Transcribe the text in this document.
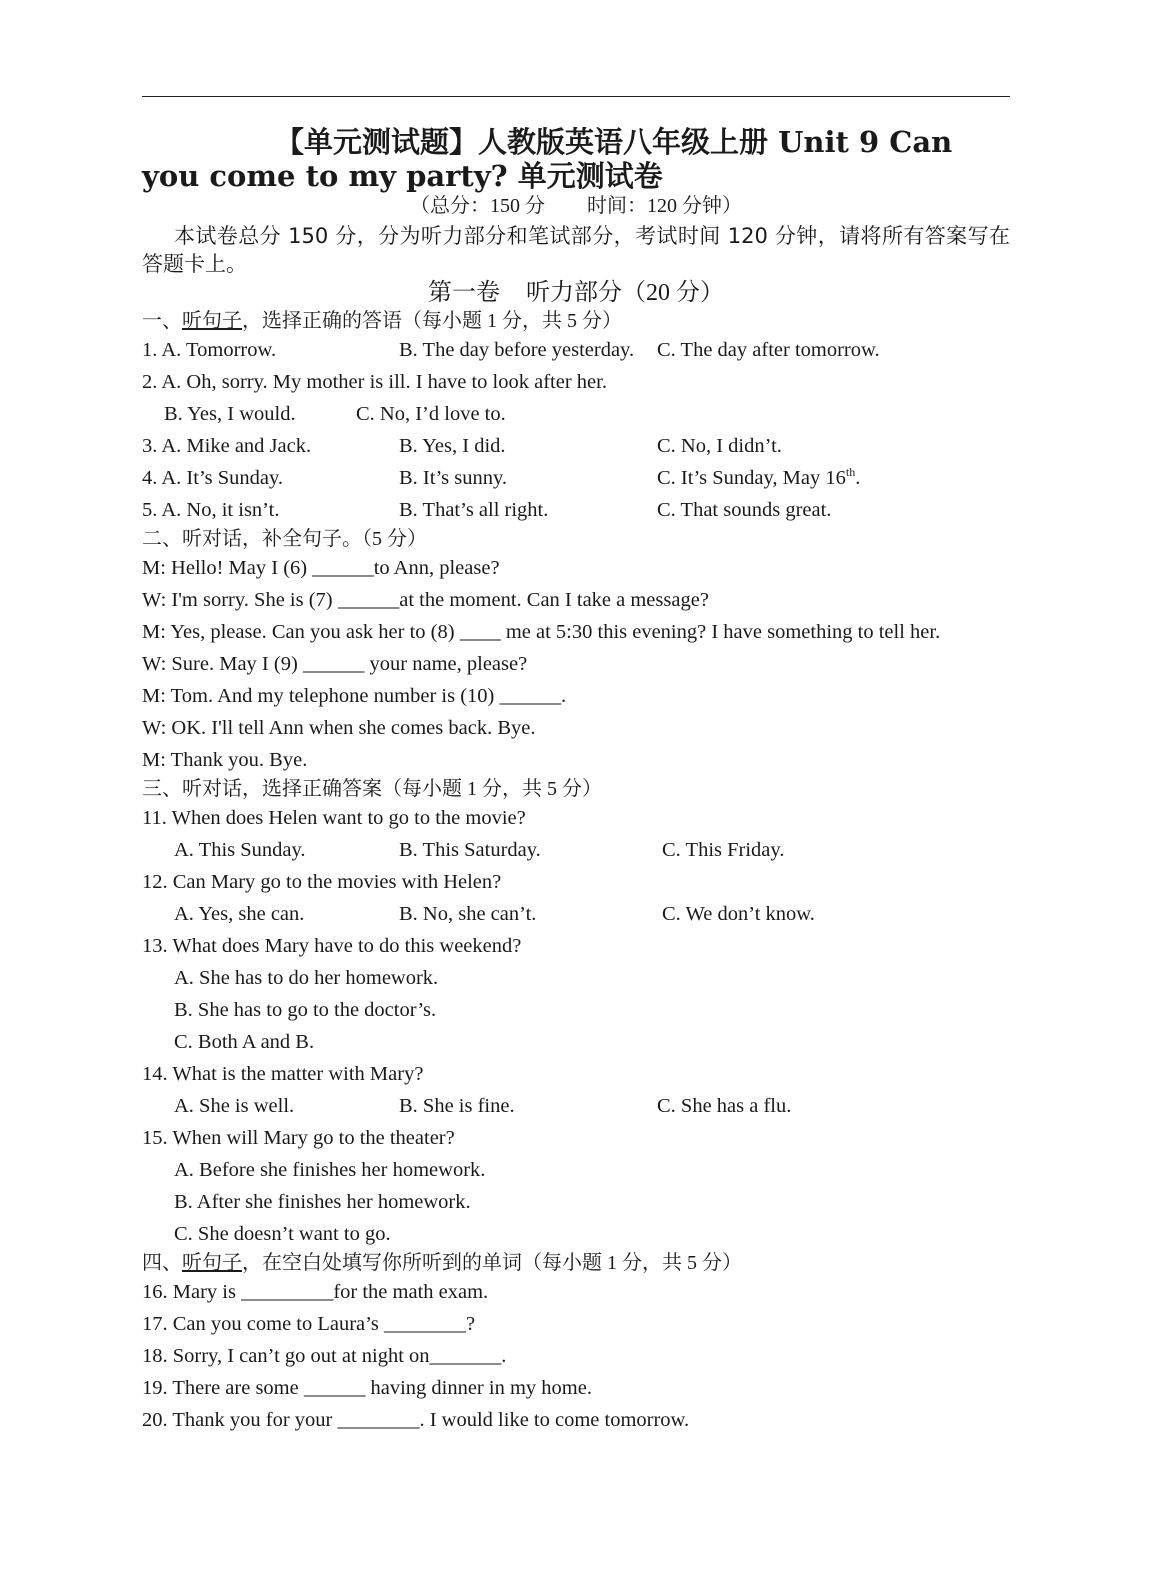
【单元测试题】人教版英语八年级上册 Unit 9 Can you come to my party? 单元测试卷

（总分：150 分 时间：120 分钟）

本试卷总分 150 分，分为听力部分和笔试部分，考试时间 120 分钟，请将所有答案写在答题卡上。

第一卷 听力部分（20 分）

一、听句子，选择正确的答语（每小题 1 分，共 5 分）

1. A. Tomorrow.	B. The day before yesterday. C. The day after tomorrow.
2. A. Oh, sorry. My mother is ill. I have to look after her.
B. Yes, I would.	C. No, I’d love to.
3. A. Mike and Jack.	B. Yes, I did.	C. No, I didn’t.
4. A. It’s Sunday.	B. It’s sunny.	C. It’s Sunday, May 16th.
5. A. No, it isn’t.	B. That’s all right.	C. That sounds great.

二、听对话，补全句子。（5 分）

M: Hello! May I (6) ______to Ann, please?
W: I'm sorry. She is (7) ______at the moment. Can I take a message?
M: Yes, please. Can you ask her to (8) ____ me at 5:30 this evening? I have something to tell her.
W: Sure. May I (9) ______ your name, please?
M: Tom. And my telephone number is (10) ______.
W: OK. I'll tell Ann when she comes back. Bye.
M: Thank you. Bye.

三、听对话，选择正确答案（每小题 1 分，共 5 分）

11. When does Helen want to go to the movie?
A. This Sunday.	B. This Saturday.	C. This Friday.
12. Can Mary go to the movies with Helen?
A. Yes, she can.	B. No, she can’t.	C. We don’t know.
13. What does Mary have to do this weekend?
A. She has to do her homework.
B. She has to go to the doctor’s.
C. Both A and B.
14. What is the matter with Mary?
A. She is well.	B. She is fine.	C. She has a flu.
15. When will Mary go to the theater?
A. Before she finishes her homework.
B. After she finishes her homework.
C. She doesn’t want to go.

四、听句子，在空白处填写你所听到的单词（每小题 1 分，共 5 分）

16. Mary is _________for the math exam.
17. Can you come to Laura’s ________?
18. Sorry, I can’t go out at night on_______.
19. There are some ______ having dinner in my home.
20. Thank you for your ________. I would like to come tomorrow.
